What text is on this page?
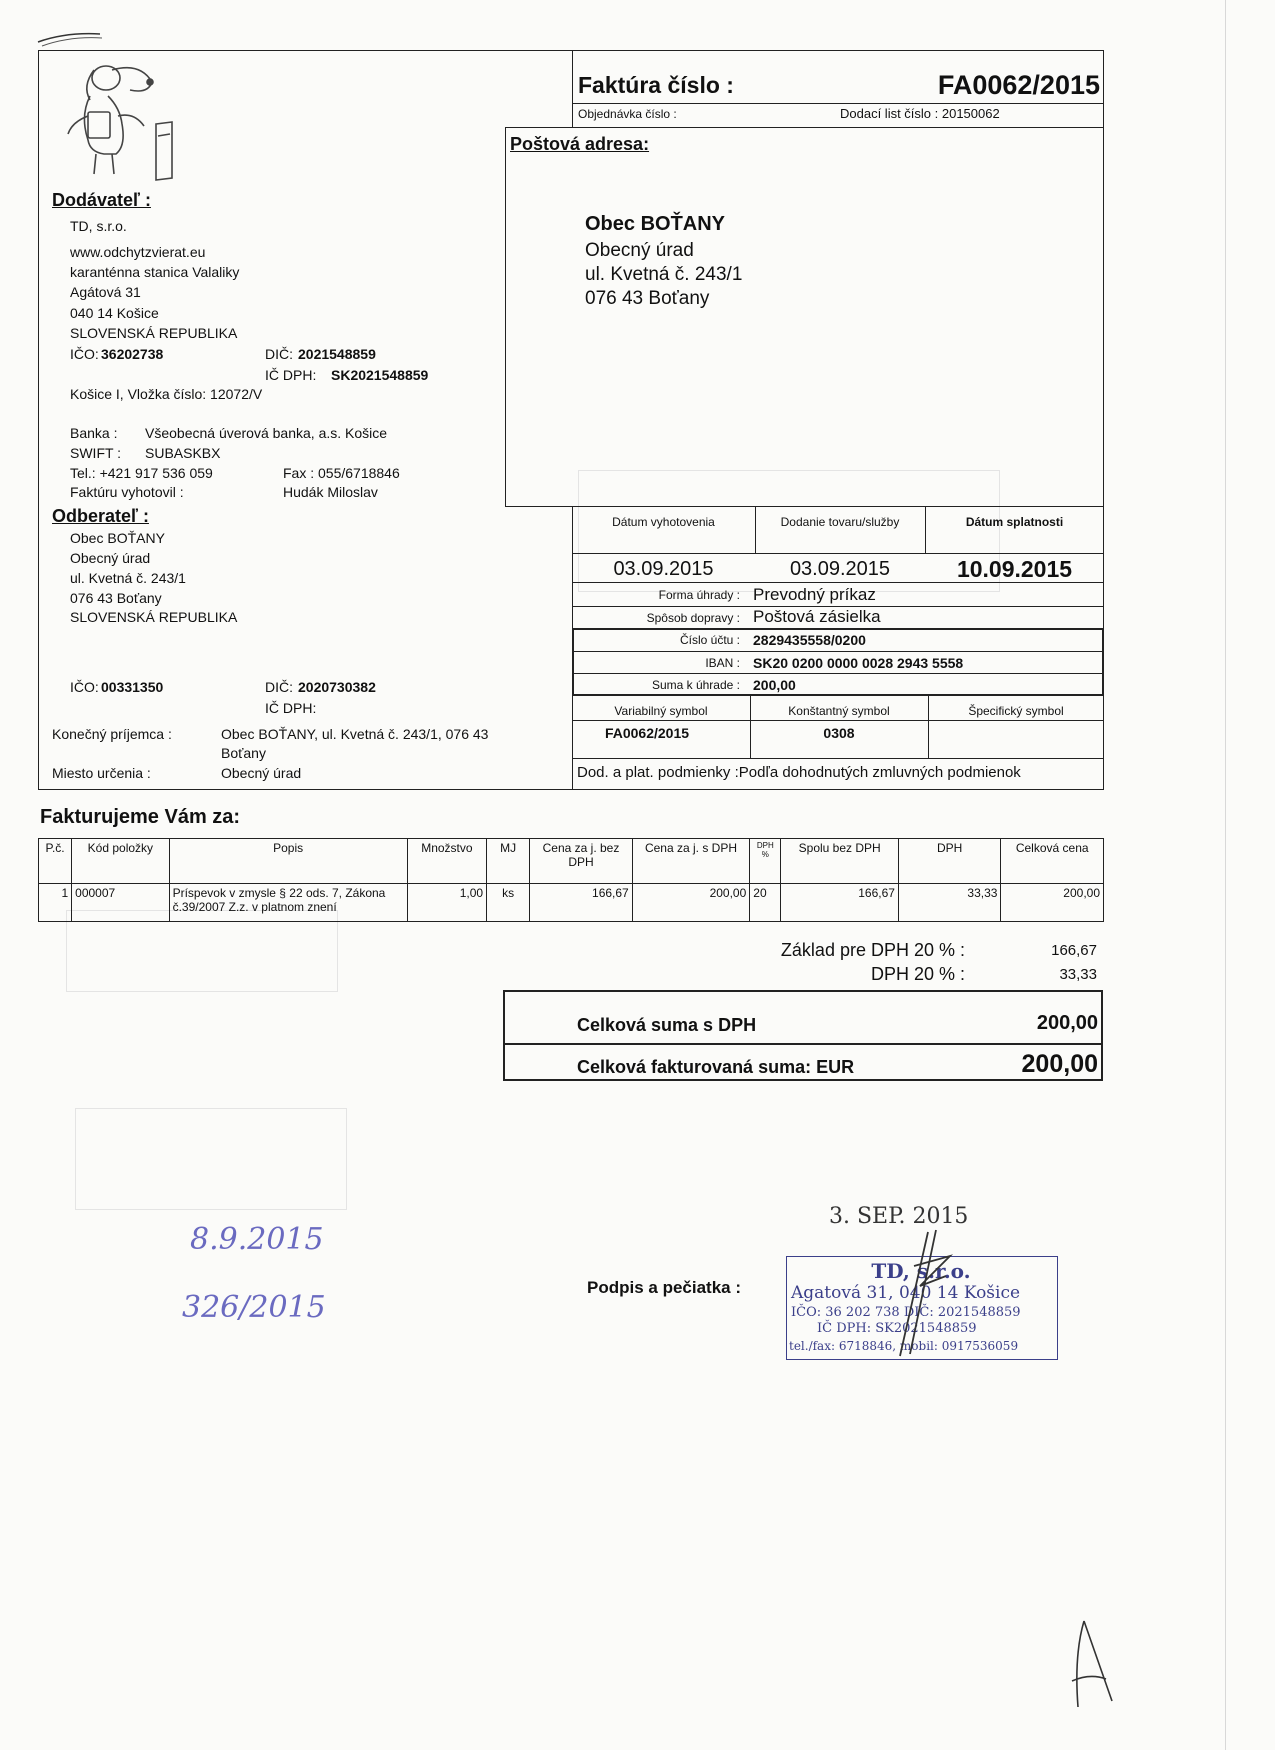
Faktúra číslo :	FA0062/2015
Objednávka číslo :	Dodací list číslo : 20150062
Poštová adresa:
Obec BOŤANY
Obecný úrad
ul. Kvetná č. 243/1
076 43 Boťany
Dodávateľ :
TD, s.r.o.
www.odchytzvierat.eu
karanténna stanica Valaliky
Agátová 31
040 14 Košice
SLOVENSKÁ REPUBLIKA
IČO: 36202738	DIČ: 2021548859
IČ DPH: SK2021548859
Košice I, Vložka číslo: 12072/V
Banka : Všeobecná úverová banka, a.s. Košice
SWIFT : SUBASKBX
Tel.: +421 917 536 059	Fax : 055/6718846
Faktúru vyhotovil :	Hudák Miloslav
Odberateľ :
Obec BOŤANY
Obecný úrad
ul. Kvetná č. 243/1
076 43 Boťany
SLOVENSKÁ REPUBLIKA
IČO: 00331350	DIČ: 2020730382
IČ DPH:
Konečný príjemca :	Obec BOŤANY, ul. Kvetná č. 243/1, 076 43
Boťany
Miesto určenia :	Obecný úrad
Dátum vyhotovenia	Dodanie tovaru/služby	Dátum splatnosti
03.09.2015	03.09.2015	10.09.2015
Forma úhrady : Prevodný príkaz
Spôsob dopravy : Poštová zásielka
Číslo účtu : 2829435558/0200
IBAN : SK20 0200 0000 0028 2943 5558
Suma k úhrade : 200,00
Variabilný symbol	Konštantný symbol	Špecifický symbol
FA0062/2015	0308
Dod. a plat. podmienky :Podľa dohodnutých zmluvných podmienok
Fakturujeme Vám za:
P.č.	Kód položky	Popis	Množstvo	MJ	Cena za j. bez DPH	Cena za j. s DPH	DPH %	Spolu bez DPH	DPH	Celková cena
1	000007	Príspevok v zmysle § 22 ods. 7, Zákona č.39/2007 Z.z. v platnom znení	1,00	ks	166,67	200,00	20	166,67	33,33	200,00
Základ pre DPH 20 % :	166,67
DPH 20 % :	33,33
Celková suma s DPH	200,00
Celková fakturovaná suma: EUR	200,00
3. SEP. 2015
8.9.2015
326/2015
Podpis a pečiatka :
TD, s.r.o.
Agatová 31, 040 14 Košice
IČO: 36 202 738 DIČ: 2021548859
IČ DPH: SK2021548859
tel./fax: 6718846, mobil: 0917536059
